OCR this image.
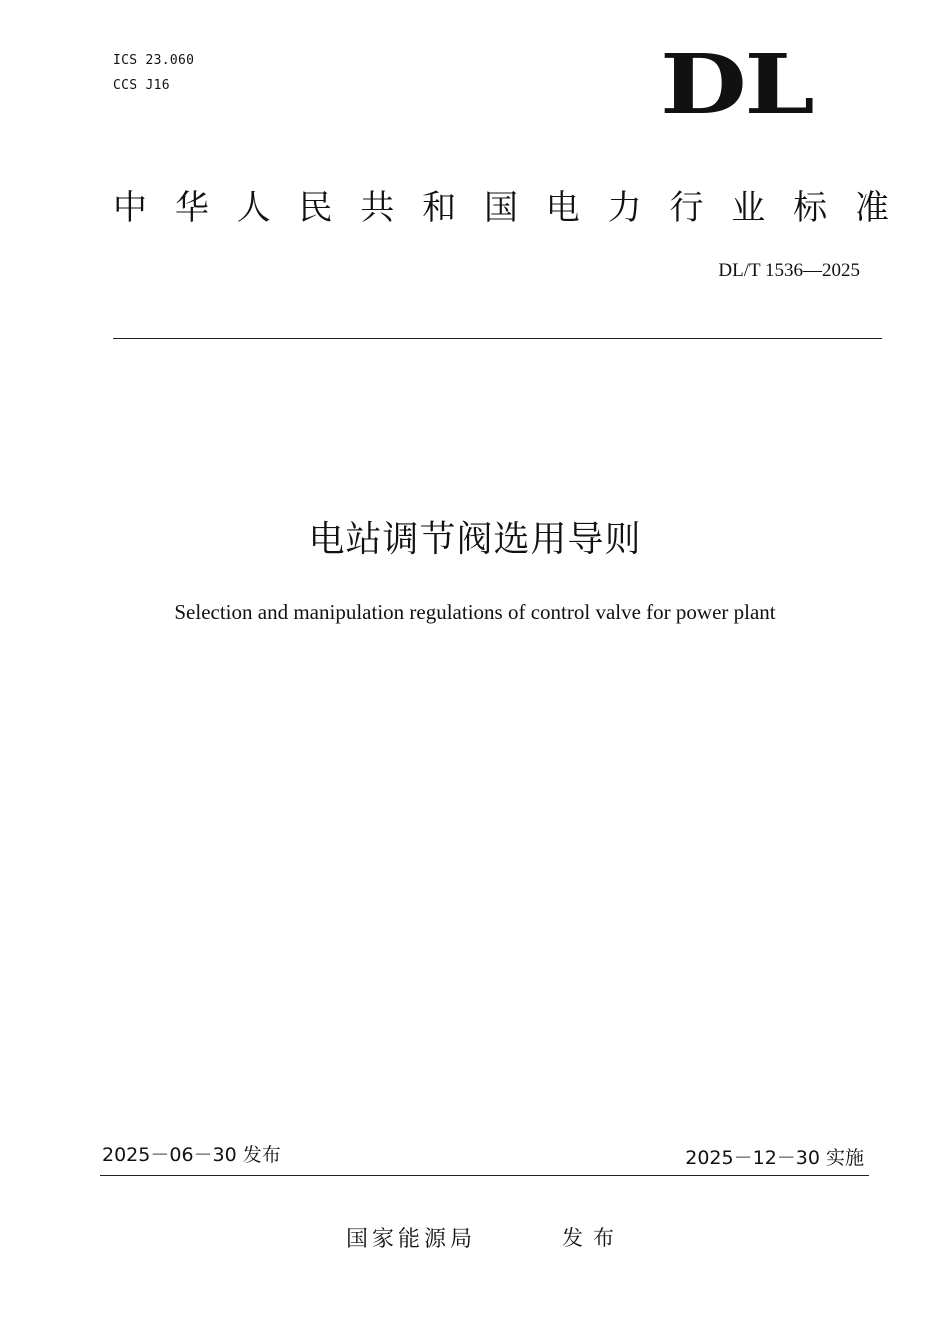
ICS 23.060
CCS J16	DL
中 华 人 民 共 和 国 电 力 行 业 标 准
DL/T 1536—2025
电站调节阀选用导则
Selection and manipulation regulations of control valve for power plant
2025－06－30 发布	2025－12－30 实施
国家能源局	发布
